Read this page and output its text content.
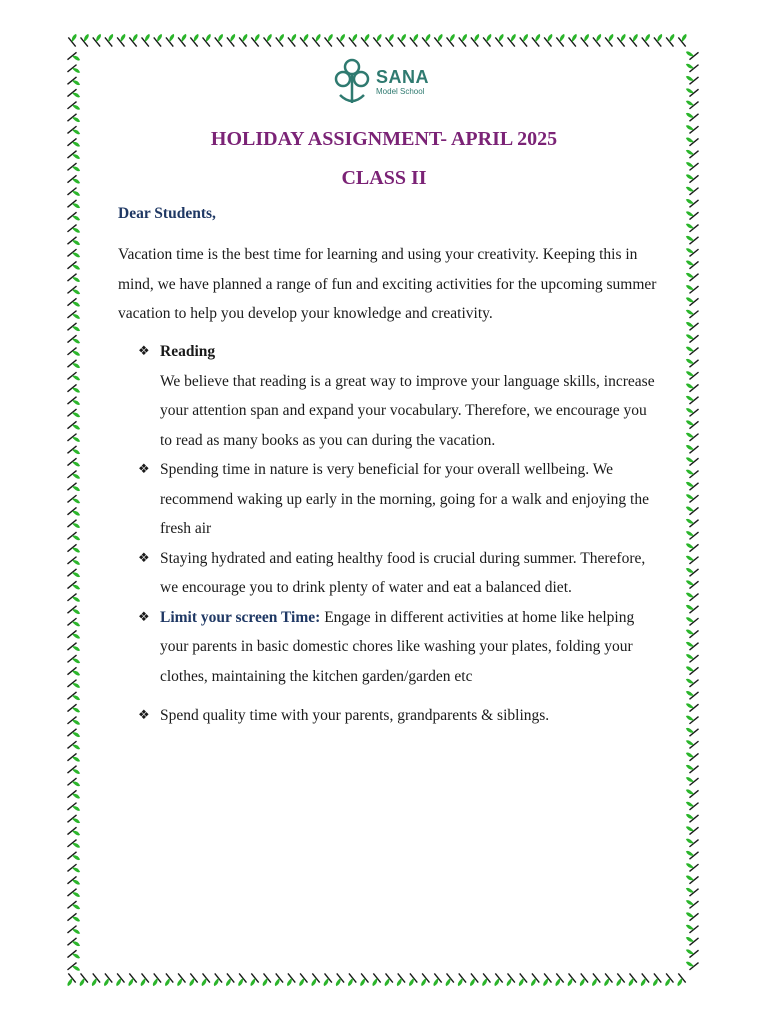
SANA
Model School
HOLIDAY ASSIGNMENT- APRIL 2025
CLASS II
Dear Students,
Vacation time is the best time for learning and using your creativity. Keeping this in mind, we have planned a range of fun and exciting activities for the upcoming summer vacation to help you develop your knowledge and creativity.
❖ Reading
We believe that reading is a great way to improve your language skills, increase your attention span and expand your vocabulary. Therefore, we encourage you to read as many books as you can during the vacation.
❖ Spending time in nature is very beneficial for your overall wellbeing. We recommend waking up early in the morning, going for a walk and enjoying the fresh air
❖ Staying hydrated and eating healthy food is crucial during summer. Therefore, we encourage you to drink plenty of water and eat a balanced diet.
❖ Limit your screen Time: Engage in different activities at home like helping your parents in basic domestic chores like washing your plates, folding your clothes, maintaining the kitchen garden/garden etc
❖ Spend quality time with your parents, grandparents & siblings.
